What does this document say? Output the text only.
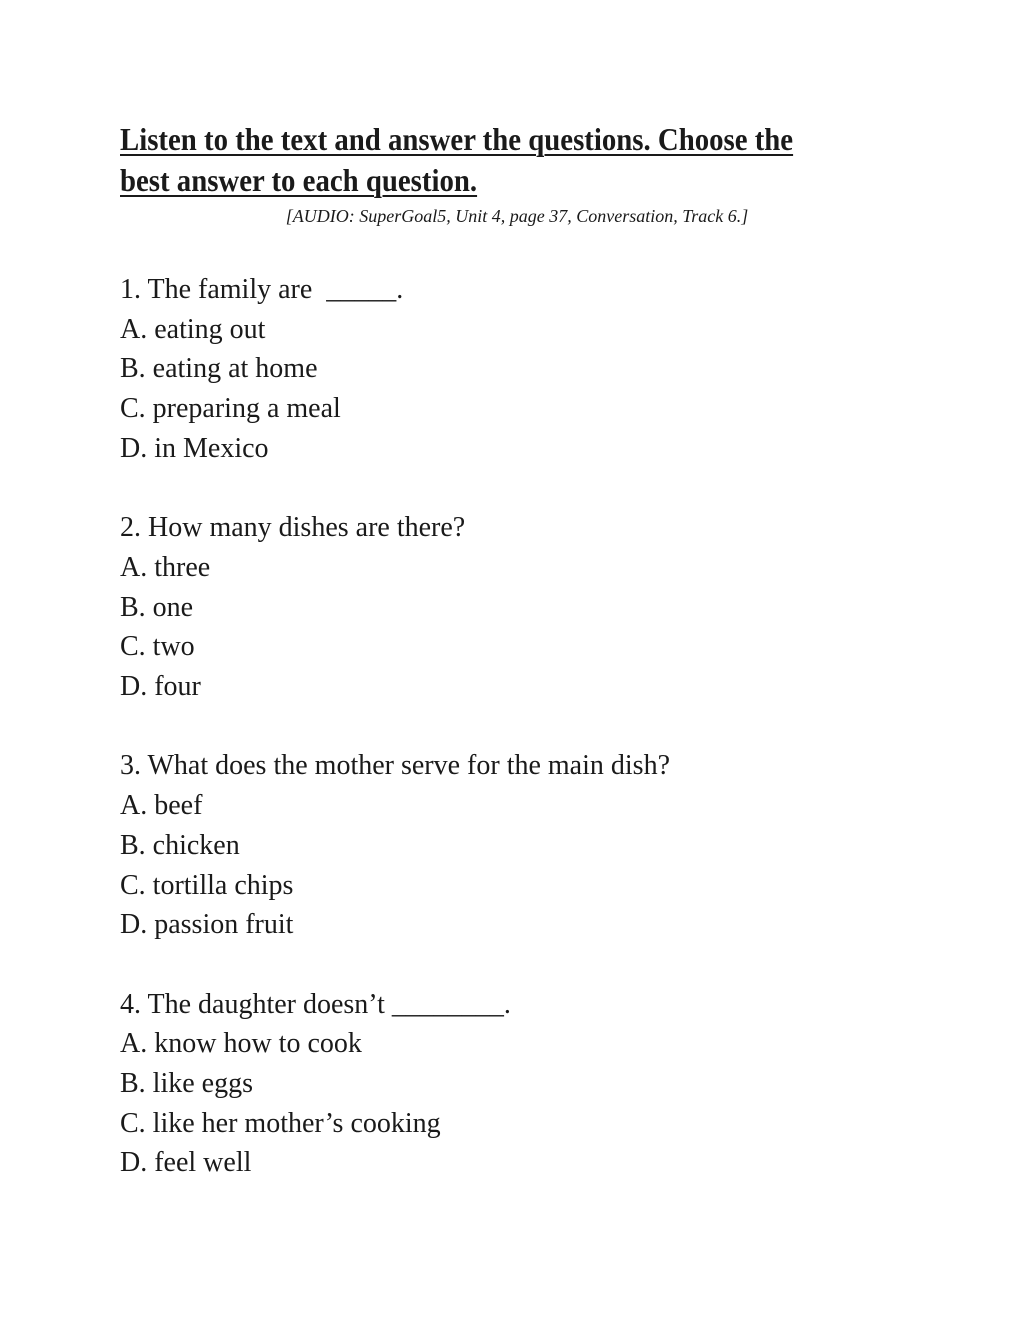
Listen to the text and answer the questions. Choose the
best answer to each question.
[AUDIO: SuperGoal5, Unit 4, page 37, Conversation, Track 6.]
1. The family are  _____.
A. eating out
B. eating at home
C. preparing a meal
D. in Mexico
2. How many dishes are there?
A. three
B. one
C. two
D. four
3. What does the mother serve for the main dish?
A. beef
B. chicken
C. tortilla chips
D. passion fruit
4. The daughter doesn’t ________.
A. know how to cook
B. like eggs
C. like her mother’s cooking
D. feel well
